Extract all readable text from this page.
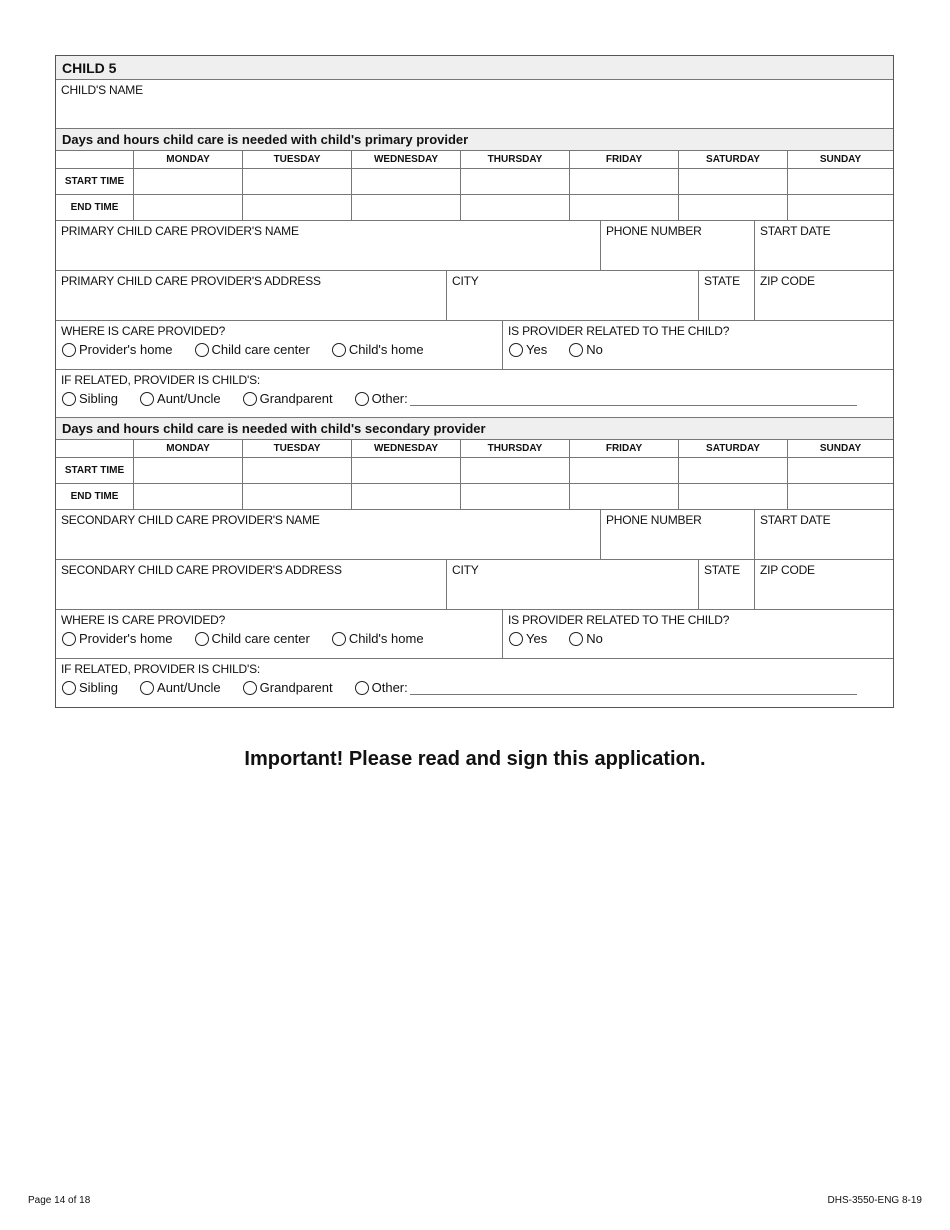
CHILD 5
CHILD'S NAME
Days and hours child care is needed with child's primary provider
MONDAY	TUESDAY	WEDNESDAY	THURSDAY	FRIDAY	SATURDAY	SUNDAY
START TIME
END TIME
PRIMARY CHILD CARE PROVIDER'S NAME	PHONE NUMBER	START DATE
PRIMARY CHILD CARE PROVIDER'S ADDRESS	CITY	STATE	ZIP CODE
WHERE IS CARE PROVIDED?
Provider's home	Child care center	Child's home
IS PROVIDER RELATED TO THE CHILD?
Yes	No
IF RELATED, PROVIDER IS CHILD'S:
Sibling	Aunt/Uncle	Grandparent	Other:
Days and hours child care is needed with child's secondary provider
MONDAY	TUESDAY	WEDNESDAY	THURSDAY	FRIDAY	SATURDAY	SUNDAY
START TIME
END TIME
SECONDARY CHILD CARE PROVIDER'S NAME	PHONE NUMBER	START DATE
SECONDARY CHILD CARE PROVIDER'S ADDRESS	CITY	STATE	ZIP CODE
WHERE IS CARE PROVIDED?
Provider's home	Child care center	Child's home
IS PROVIDER RELATED TO THE CHILD?
Yes	No
IF RELATED, PROVIDER IS CHILD'S:
Sibling	Aunt/Uncle	Grandparent	Other:
Important! Please read and sign this application.
Page 14 of 18	DHS-3550-ENG 8-19
